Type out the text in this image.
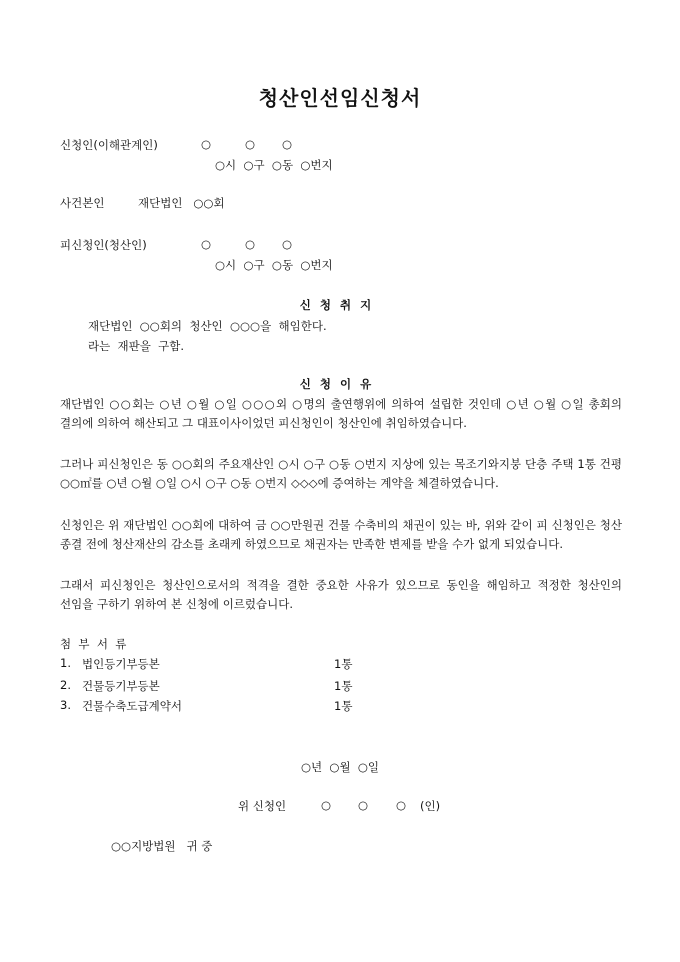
청산인선임신청서
신청인(이해관계인)	○	○ ○
○시  ○구  ○동  ○번지
사건본인	재단법인   ○○회
피신청인(청산인)	○	○ ○
○시  ○구  ○동  ○번지
신청취지
재단법인  ○○회의  청산인  ○○○을  해임한다.
라는  재판을  구함.
신청이유
재단법인 ○○회는 ○년 ○월 ○일 ○○○외 ○명의 출연행위에 의하여 설립한 것인데 ○년 ○월 ○일 총회의 결의에 의하여 해산되고 그 대표이사이었던 피신청인이 청산인에 취임하였습니다.
그러나 피신청인은 동 ○○회의 주요재산인 ○시 ○구 ○동 ○번지 지상에 있는 목조기와지붕 단층 주택 1통 건평 ○○㎡를 ○년 ○월 ○일 ○시 ○구 ○동 ○번지 ◇◇◇에 증여하는 계약을 체결하였습니다.
신청인은 위 재단법인 ○○회에 대하여 금 ○○만원권 건물 수축비의 채권이 있는 바, 위와 같이 피 신청인은 청산 종결 전에 청산재산의 감소를 초래케 하였으므로 채권자는 만족한 변제를 받을 수가 없게 되었습니다.
그래서 피신청인은 청산인으로서의 적격을 결한 중요한 사유가 있으므로 동인을 해임하고 적정한 청산인의 선임을 구하기 위하여 본 신청에 이르렀습니다.
첨  부  서  류
1. 법인등기부등본	1통
2. 건물등기부등본	1통
3. 건물수축도급계약서	1통
○년  ○월  ○일
위 신청인	○ ○ ○ (인)
○○지방법원   귀 중
